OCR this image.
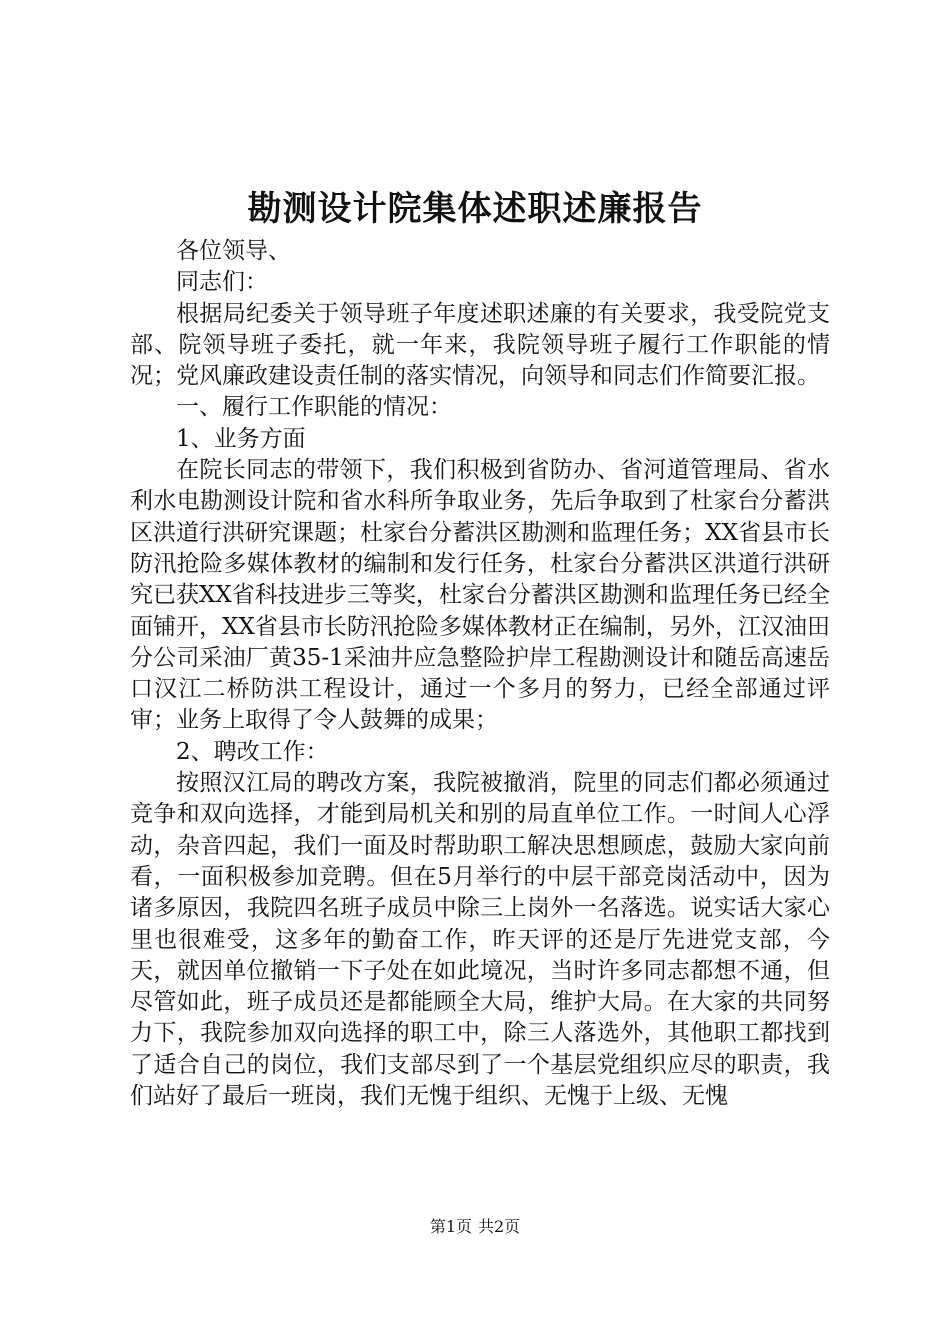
勘测设计院集体述职述廉报告

各位领导、

同志们：

根据局纪委关于领导班子年度述职述廉的有关要求，我受院党支部、院领导班子委托，就一年来，我院领导班子履行工作职能的情况；党风廉政建设责任制的落实情况，向领导和同志们作简要汇报。

一、履行工作职能的情况：

1、业务方面

在院长同志的带领下，我们积极到省防办、省河道管理局、省水利水电勘测设计院和省水科所争取业务，先后争取到了杜家台分蓄洪区洪道行洪研究课题；杜家台分蓄洪区勘测和监理任务；XX省县市长防汛抢险多媒体教材的编制和发行任务，杜家台分蓄洪区洪道行洪研究已获XX省科技进步三等奖，杜家台分蓄洪区勘测和监理任务已经全面铺开，XX省县市长防汛抢险多媒体教材正在编制，另外，江汉油田分公司采油厂黄35-1采油井应急整险护岸工程勘测设计和随岳高速岳口汉江二桥防洪工程设计，通过一个多月的努力，已经全部通过评审；业务上取得了令人鼓舞的成果；

2、聘改工作：

按照汉江局的聘改方案，我院被撤消，院里的同志们都必须通过竞争和双向选择，才能到局机关和别的局直单位工作。一时间人心浮动，杂音四起，我们一面及时帮助职工解决思想顾虑，鼓励大家向前看，一面积极参加竞聘。但在5月举行的中层干部竞岗活动中，因为诸多原因，我院四名班子成员中除三上岗外一名落选。说实话大家心里也很难受，这多年的勤奋工作，昨天评的还是厅先进党支部，今天，就因单位撤销一下子处在如此境况，当时许多同志都想不通，但尽管如此，班子成员还是都能顾全大局，维护大局。在大家的共同努力下，我院参加双向选择的职工中，除三人落选外，其他职工都找到了适合自己的岗位，我们支部尽到了一个基层党组织应尽的职责，我们站好了最后一班岗，我们无愧于组织、无愧于上级、无愧

第1页 共2页
